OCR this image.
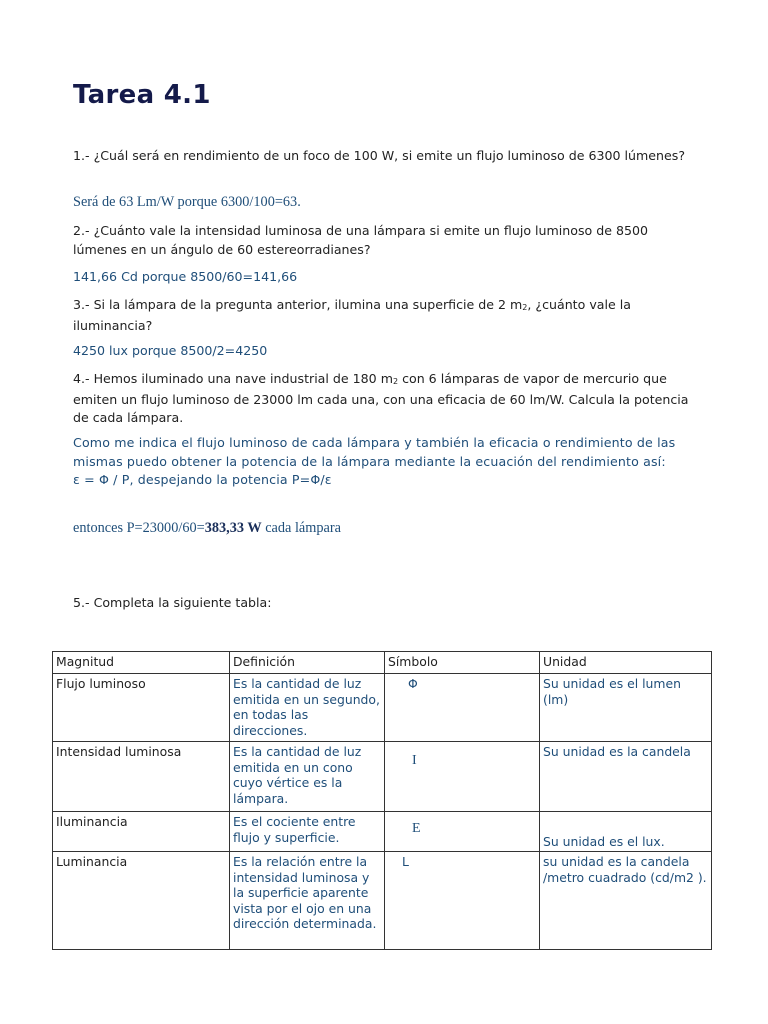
Tarea 4.1

1.- ¿Cuál será en rendimiento de un foco de 100 W, si emite un flujo luminoso de 6300 lúmenes?

Será de 63 Lm/W porque 6300/100=63.

2.- ¿Cuánto vale la intensidad luminosa de una lámpara si emite un flujo luminoso de 8500 lúmenes en un ángulo de 60 estereorradianes?

141,66 Cd porque 8500/60=141,66

3.- Si la lámpara de la pregunta anterior, ilumina una superficie de 2 $m_2$, ¿cuánto vale la iluminancia?

4250 lux porque 8500/2=4250

4.- Hemos iluminado una nave industrial de 180 $m_2$ con 6 lámparas de vapor de mercurio que emiten un flujo luminoso de 23000 lm cada una, con una eficacia de 60 lm/W. Calcula la potencia de cada lámpara.

Como me indica el flujo luminoso de cada lámpara y también la eficacia o rendimiento de las mismas puedo obtener la potencia de la lámpara mediante la ecuación del rendimiento así:

ε = Φ / P, despejando la potencia P=Φ/ε

entonces P=23000/60=383,33 W cada lámpara

5.- Completa la siguiente tabla:

Magnitud	Definición	Símbolo	Unidad
Flujo luminoso	Es la cantidad de luz emitida en un segundo, en todas las direcciones.	Φ	Su unidad es el lumen (lm)
Intensidad luminosa	Es la cantidad de luz emitida en un cono cuyo vértice es la lámpara.	I	Su unidad es la candela
Iluminancia	Es el cociente entre flujo y superficie.	E	Su unidad es el lux.
Luminancia	Es la relación entre la intensidad luminosa y la superficie aparente vista por el ojo en una dirección determinada.	L	su unidad es la candela /metro cuadrado (cd/m2 ).
